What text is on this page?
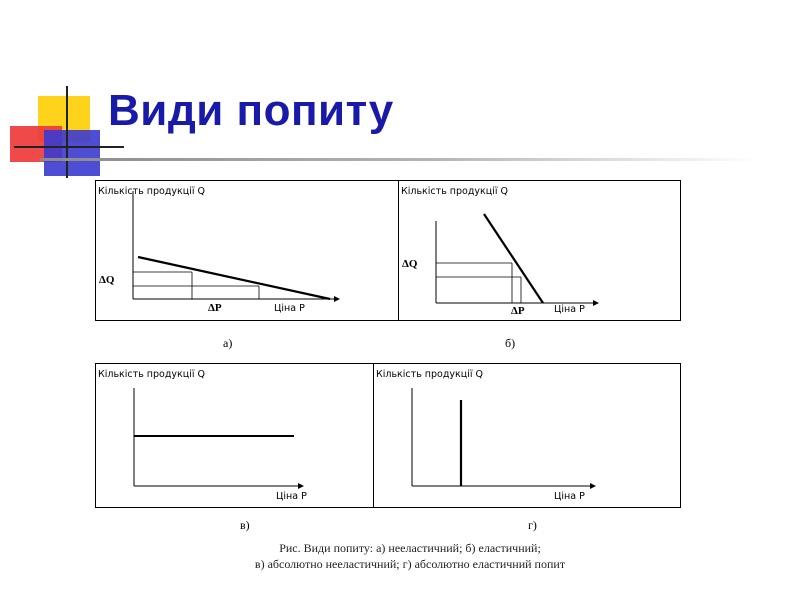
Види попиту
Кількість продукції Q
ΔQ
ΔP	Ціна P
а)
Кількість продукції Q
ΔQ
ΔP	Ціна P
б)
Кількість продукції Q
Ціна P
в)
Кількість продукції Q
Ціна P
г)
Рис. Види попиту: а) нееластичний; б) еластичний;
в) абсолютно нееластичний; г) абсолютно еластичний попит
